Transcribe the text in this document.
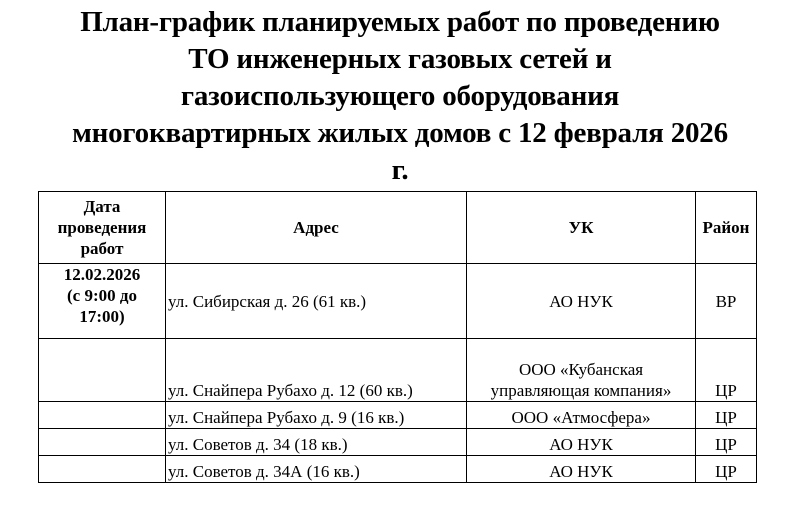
План-график планируемых работ по проведению
ТО инженерных газовых сетей и
газоиспользующего оборудования
многоквартирных жилых домов с 12 февраля 2026
г.
Дата проведения работ	Адрес	УК	Район

12.02.2026
(с 9:00 до
17:00)	ул. Сибирская д. 26 (61 кв.)	АО НУК	ВР
	ул. Снайпера Рубахо д. 12 (60 кв.)	ООО «Кубанская
управляющая компания»	ЦР
	ул. Снайпера Рубахо д. 9 (16 кв.)	ООО «Атмосфера»	ЦР
	ул. Советов д. 34 (18 кв.)	АО НУК	ЦР
	ул. Советов д. 34А (16 кв.)	АО НУК	ЦР
